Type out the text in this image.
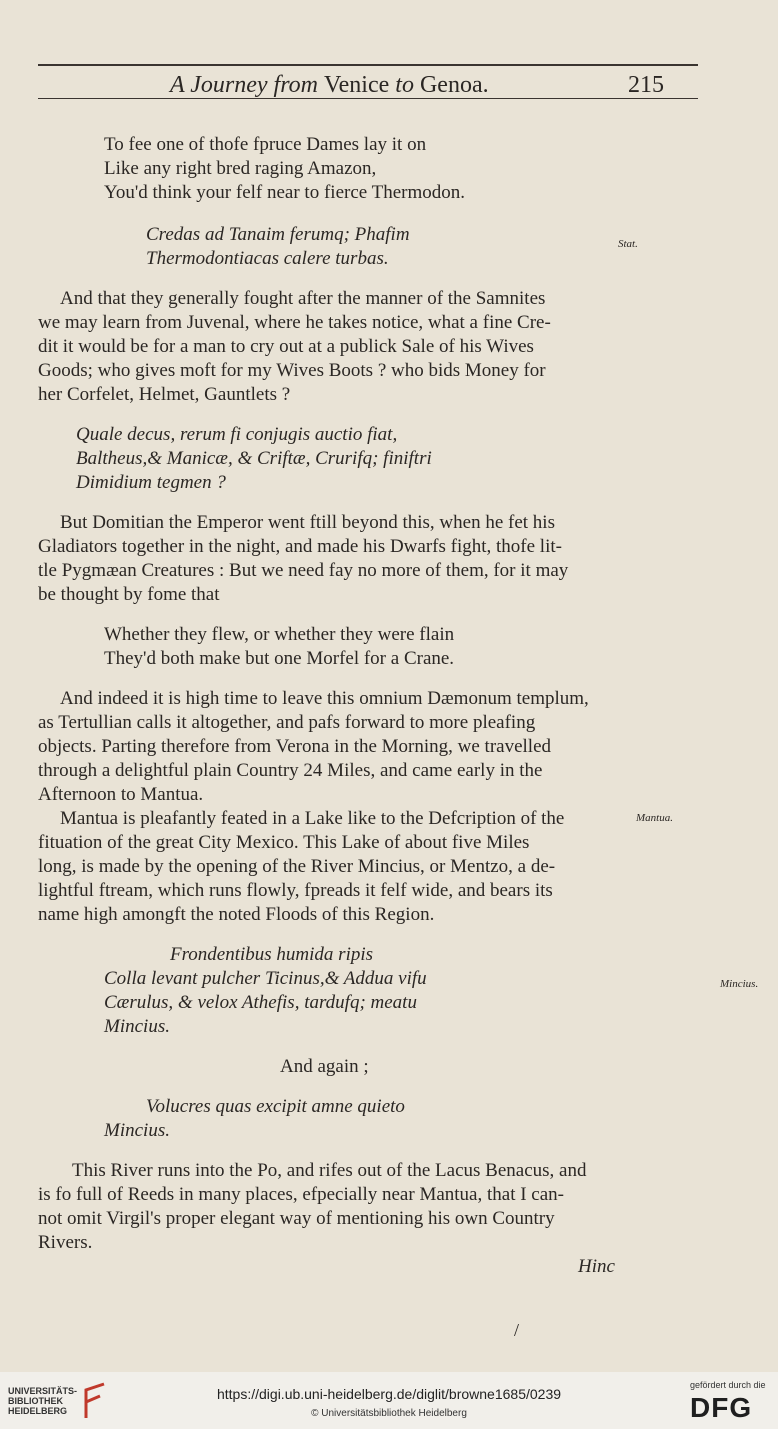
A Journey from Venice to Genoa.	215
To fee one of thofe fpruce Dames lay it on
Like any right bred raging Amazon,
You'd think your felf near to fierce Thermodon.
Credas ad Tanaim ferumq; Phafim
Thermodontiacas calere turbas.
And that they generally fought after the manner of the Samnites
we may learn from Juvenal, where he takes notice, what a fine Cre-
dit it would be for a man to cry out at a publick Sale of his Wives
Goods; who gives moft for my Wives Boots ? who bids Money for
her Corfelet, Helmet, Gauntlets ?
Quale decus, rerum fi conjugis auctio fiat,
Baltheus,& Manicæ, & Criftæ, Crurifq; finiftri
Dimidium tegmen ?
But Domitian the Emperor went ftill beyond this, when he fet his
Gladiators together in the night, and made his Dwarfs fight, thofe lit-
tle Pygmæan Creatures : But we need fay no more of them, for it may
be thought by fome that
Whether they flew, or whether they were flain
They'd both make but one Morfel for a Crane.
And indeed it is high time to leave this omnium Dæmonum templum,
as Tertullian calls it altogether, and pafs forward to more pleafing
objects. Parting therefore from Verona in the Morning, we travelled
through a delightful plain Country 24 Miles, and came early in the
Afternoon to Mantua.
Mantua is pleafantly feated in a Lake like to the Defcription of the
fituation of the great City Mexico. This Lake of about five Miles
long, is made by the opening of the River Mincius, or Mentzo, a de-
lightful ftream, which runs flowly, fpreads it felf wide, and bears its
name high amongft the noted Floods of this Region.
Frondentibus humida ripis
Colla levant pulcher Ticinus,& Addua vifu
Cærulus, & velox Athefis, tardufq; meatu
Mincius.
And again ;
Volucres quas excipit amne quieto
Mincius.
This River runs into the Po, and rifes out of the Lacus Benacus, and
is fo full of Reeds in many places, efpecially near Mantua, that I can-
not omit Virgil's proper elegant way of mentioning his own Country
Rivers.
Hinc
Stat.
Mantua.
Mincius.
/
UNIVERSITÄTS-
BIBLIOTHEK
HEIDELBERG
https://digi.ub.uni-heidelberg.de/diglit/browne1685/0239
© Universitätsbibliothek Heidelberg
gefördert durch die
DFG
